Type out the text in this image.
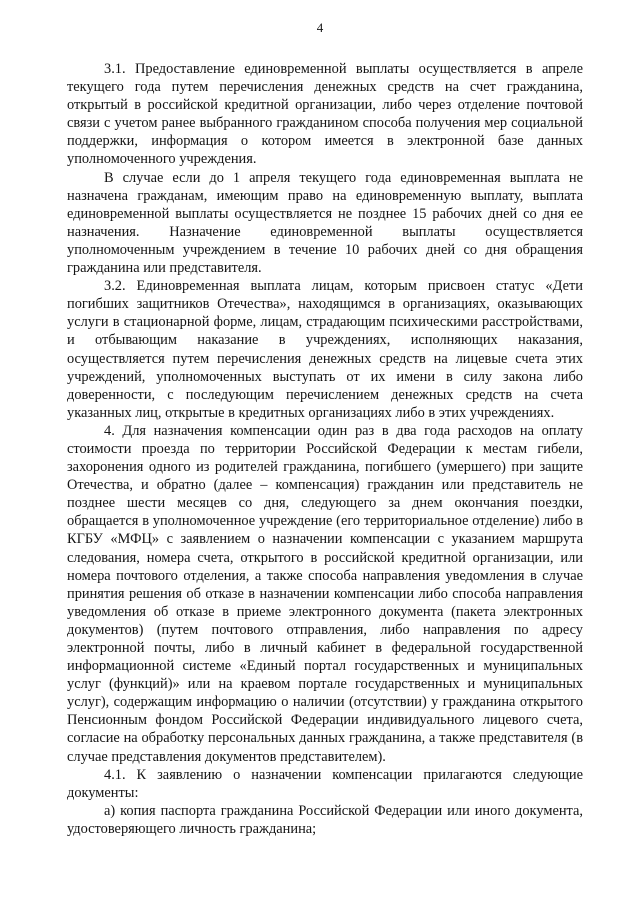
4

3.1. Предоставление единовременной выплаты осуществляется в апреле текущего года путем перечисления денежных средств на счет гражданина, открытый в российской кредитной организации, либо через отделение почтовой связи с учетом ранее выбранного гражданином способа получения мер социальной поддержки, информация о котором имеется в электронной базе данных уполномоченного учреждения.

В случае если до 1 апреля текущего года единовременная выплата не назначена гражданам, имеющим право на единовременную выплату, выплата единовременной выплаты осуществляется не позднее 15 рабочих дней со дня ее назначения. Назначение единовременной выплаты осуществляется уполномоченным учреждением в течение 10 рабочих дней со дня обращения гражданина или представителя.

3.2. Единовременная выплата лицам, которым присвоен статус «Дети погибших защитников Отечества», находящимся в организациях, оказывающих услуги в стационарной форме, лицам, страдающим психическими расстройствами, и отбывающим наказание в учреждениях, исполняющих наказания, осуществляется путем перечисления денежных средств на лицевые счета этих учреждений, уполномоченных выступать от их имени в силу закона либо доверенности, с последующим перечислением денежных средств на счета указанных лиц, открытые в кредитных организациях либо в этих учреждениях.

4. Для назначения компенсации один раз в два года расходов на оплату стоимости проезда по территории Российской Федерации к местам гибели, захоронения одного из родителей гражданина, погибшего (умершего) при защите Отечества, и обратно (далее – компенсация) гражданин или представитель не позднее шести месяцев со дня, следующего за днем окончания поездки, обращается в уполномоченное учреждение (его территориальное отделение) либо в КГБУ «МФЦ» с заявлением о назначении компенсации с указанием маршрута следования, номера счета, открытого в российской кредитной организации, или номера почтового отделения, а также способа направления уведомления в случае принятия решения об отказе в назначении компенсации либо способа направления уведомления об отказе в приеме электронного документа (пакета электронных документов) (путем почтового отправления, либо направления по адресу электронной почты, либо в личный кабинет в федеральной государственной информационной системе «Единый портал государственных и муниципальных услуг (функций)» или на краевом портале государственных и муниципальных услуг), содержащим информацию о наличии (отсутствии) у гражданина открытого Пенсионным фондом Российской Федерации индивидуального лицевого счета, согласие на обработку персональных данных гражданина, а также представителя (в случае представления документов представителем).

4.1. К заявлению о назначении компенсации прилагаются следующие документы:

а) копия паспорта гражданина Российской Федерации или иного документа, удостоверяющего личность гражданина;
